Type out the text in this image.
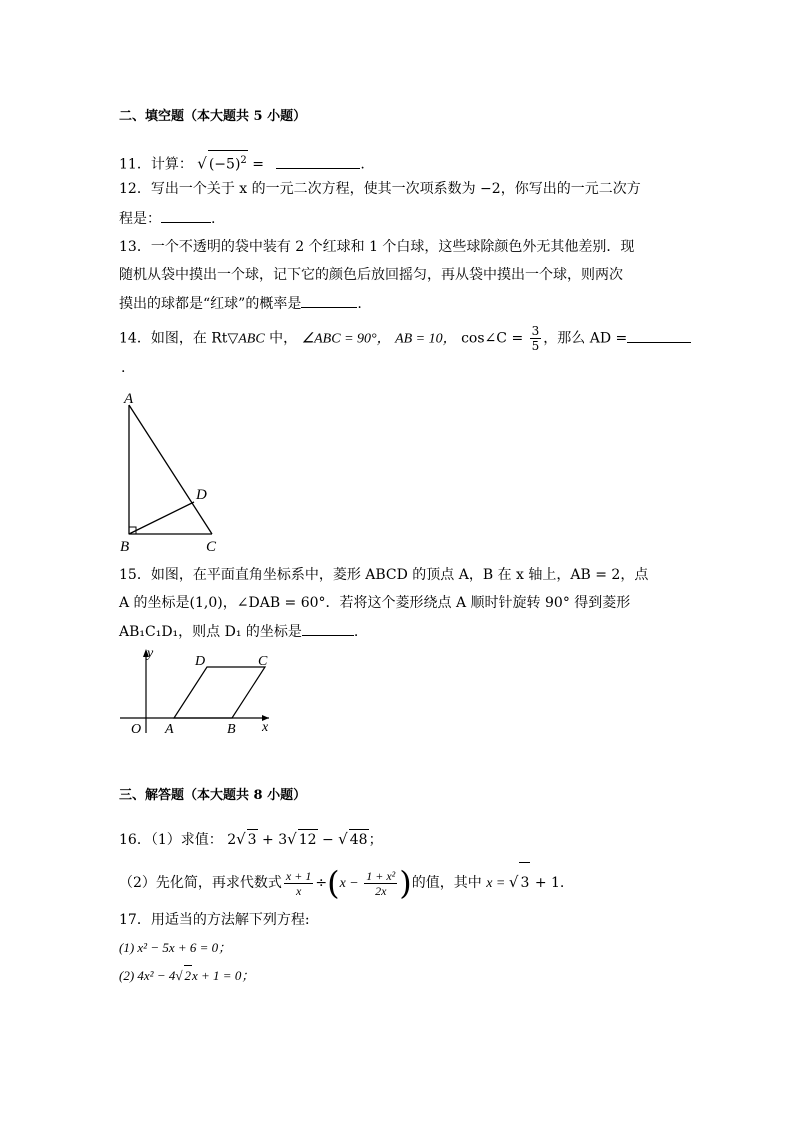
二、填空题（本大题共 5 小题）
11．计算： √ $(-5)^2$ =	.
12．写出一个关于 x 的一元二次方程，使其一次项系数为 −2，你写出的一元二次方
程是：	.
13．一个不透明的袋中装有 2 个红球和 1 个白球，这些球除颜色外无其他差别．现
随机从袋中摸出一个球，记下它的颜色后放回摇匀，再从袋中摸出一个球，则两次
摸出的球都是“红球”的概率是	.
14．如图，在 Rt▽ABC 中， ∠ABC = 90°， AB = 10， cos∠C = $\frac{3}{5}$ ，那么 AD =
.
A
B	C
D
15．如图，在平面直角坐标系中，菱形 ABCD 的顶点 A，B 在 x 轴上，AB = 2，点
A 的坐标是(1,0)，∠DAB = 60°．若将这个菱形绕点 A 顺时针旋转 90° 得到菱形
AB₁C₁D₁，则点 D₁ 的坐标是	.
y
x
O A	B
C
D
三、解答题（本大题共 8 小题）
16．（1）求值： 2√ 3 + 3√ 12 − √ 48；
（2）先化简，再求代数式 $\frac{x + 1}{x} \div(x - \frac{\text{1 + x²}}{2x}$ )的值，其中 x = √ 3 + 1.
17．用适当的方法解下列方程:
(1) x² − 5x + 6 = 0；
(2) 4x² − 4√ 2x + 1 = 0；
